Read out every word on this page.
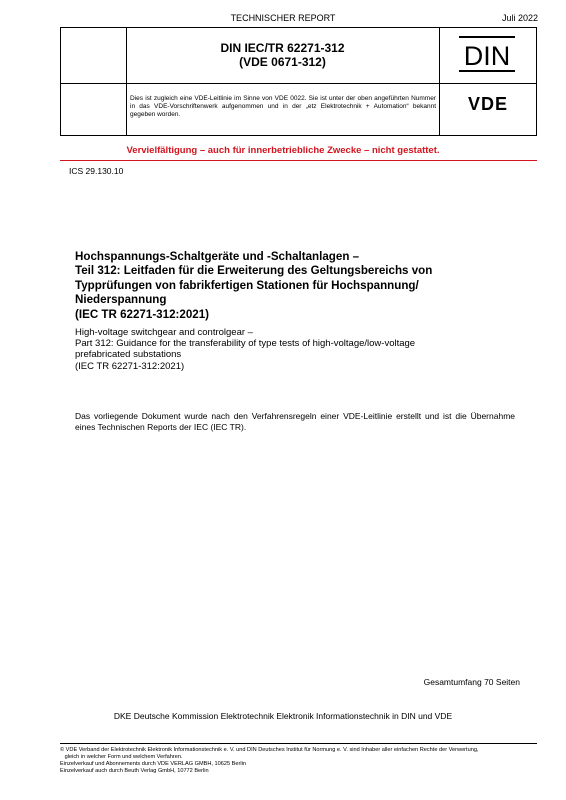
TECHNISCHER REPORT	Juli 2022
DIN IEC/TR 62271-312
(VDE 0671-312)	DIN
Dies ist zugleich eine VDE-Leitlinie im Sinne von VDE 0022. Sie ist unter der oben angeführten Nummer in das VDE-Vorschriftenwerk aufgenommen und in der „etz Elektrotechnik + Automation“ bekannt gegeben worden.
VDE
Vervielfältigung – auch für innerbetriebliche Zwecke – nicht gestattet.
ICS 29.130.10
Hochspannungs-Schaltgeräte und -Schaltanlagen –
Teil 312: Leitfaden für die Erweiterung des Geltungsbereichs von
Typprüfungen von fabrikfertigen Stationen für Hochspannung/
Niederspannung
(IEC TR 62271-312:2021)
High-voltage switchgear and controlgear –
Part 312: Guidance for the transferability of type tests of high-voltage/low-voltage
prefabricated substations
(IEC TR 62271-312:2021)
Das vorliegende Dokument wurde nach den Verfahrensregeln einer VDE-Leitlinie erstellt und ist die Übernahme eines Technischen Reports der IEC (IEC TR).
Gesamtumfang 70 Seiten
DKE Deutsche Kommission Elektrotechnik Elektronik Informationstechnik in DIN und VDE
© VDE Verband der Elektrotechnik Elektronik Informationstechnik e. V. und DIN Deutsches Institut für Normung e. V. sind Inhaber aller einfachen Rechte der Verwertung,
gleich in welcher Form und welchem Verfahren.
Einzelverkauf und Abonnements durch VDE VERLAG GMBH, 10625 Berlin
Einzelverkauf auch durch Beuth Verlag GmbH, 10772 Berlin
